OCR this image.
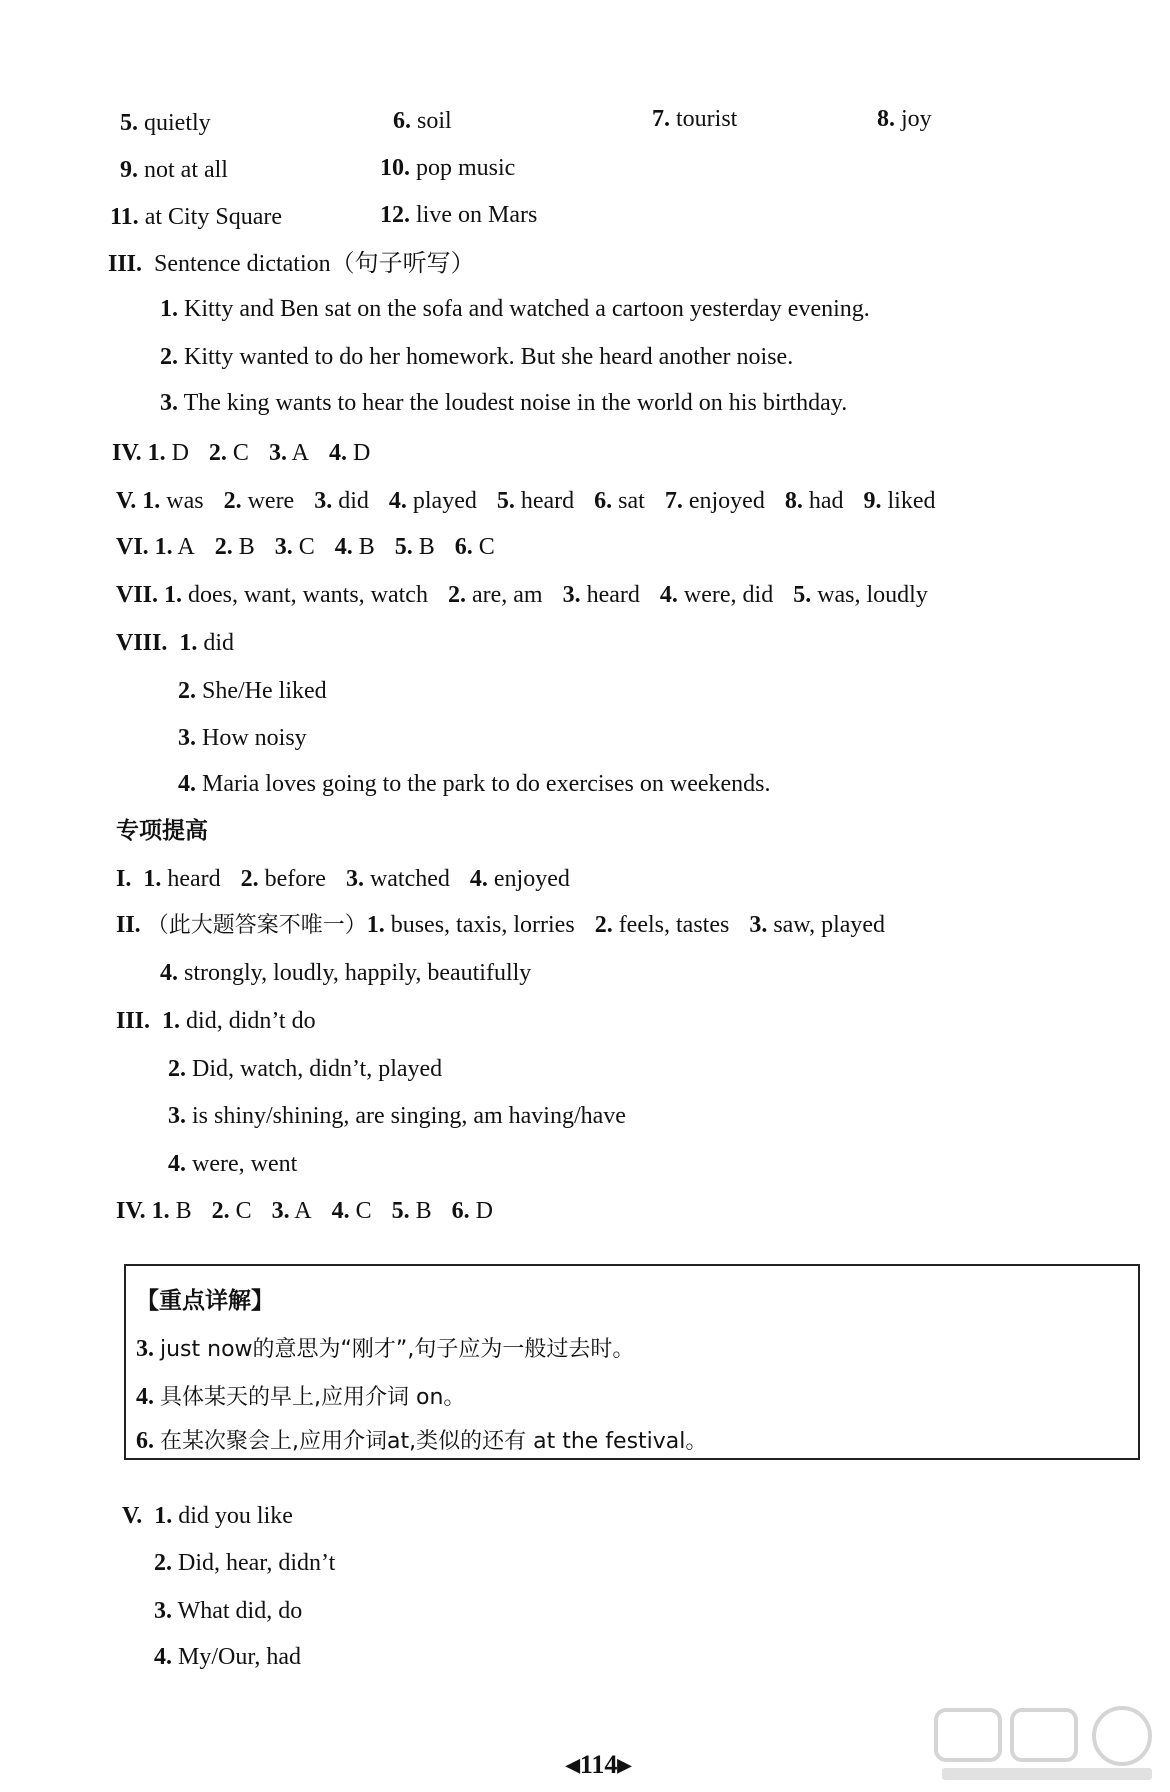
5. quietly	6. soil	7. tourist	8. joy
9. not at all	10. pop music
11. at City Square	12. live on Mars
III. Sentence dictation（句子听写）
1. Kitty and Ben sat on the sofa and watched a cartoon yesterday evening.
2. Kitty wanted to do her homework. But she heard another noise.
3. The king wants to hear the loudest noise in the world on his birthday.
IV. 1. D 2. C 3. A 4. D
V. 1. was 2. were 3. did 4. played 5. heard 6. sat 7. enjoyed 8. had 9. liked
VI. 1. A 2. B 3. C 4. B 5. B 6. C
VII. 1. does, want, wants, watch 2. are, am 3. heard 4. were, did 5. was, loudly
VIII. 1. did
2. She/He liked
3. How noisy
4. Maria loves going to the park to do exercises on weekends.
专项提高
I. 1. heard 2. before 3. watched 4. enjoyed
II. （此大题答案不唯一）1. buses, taxis, lorries 2. feels, tastes 3. saw, played
4. strongly, loudly, happily, beautifully
III. 1. did, didn’t do
2. Did, watch, didn’t, played
3. is shiny/shining, are singing, am having/have
4. were, went
IV. 1. B 2. C 3. A 4. C 5. B 6. D
【重点详解】
3. just now的意思为“刚才”,句子应为一般过去时。
4. 具体某天的早上,应用介词 on。
6. 在某次聚会上,应用介词at,类似的还有 at the festival。
V. 1. did you like
2. Did, hear, didn’t
3. What did, do
4. My/Our, had
◀114▶
